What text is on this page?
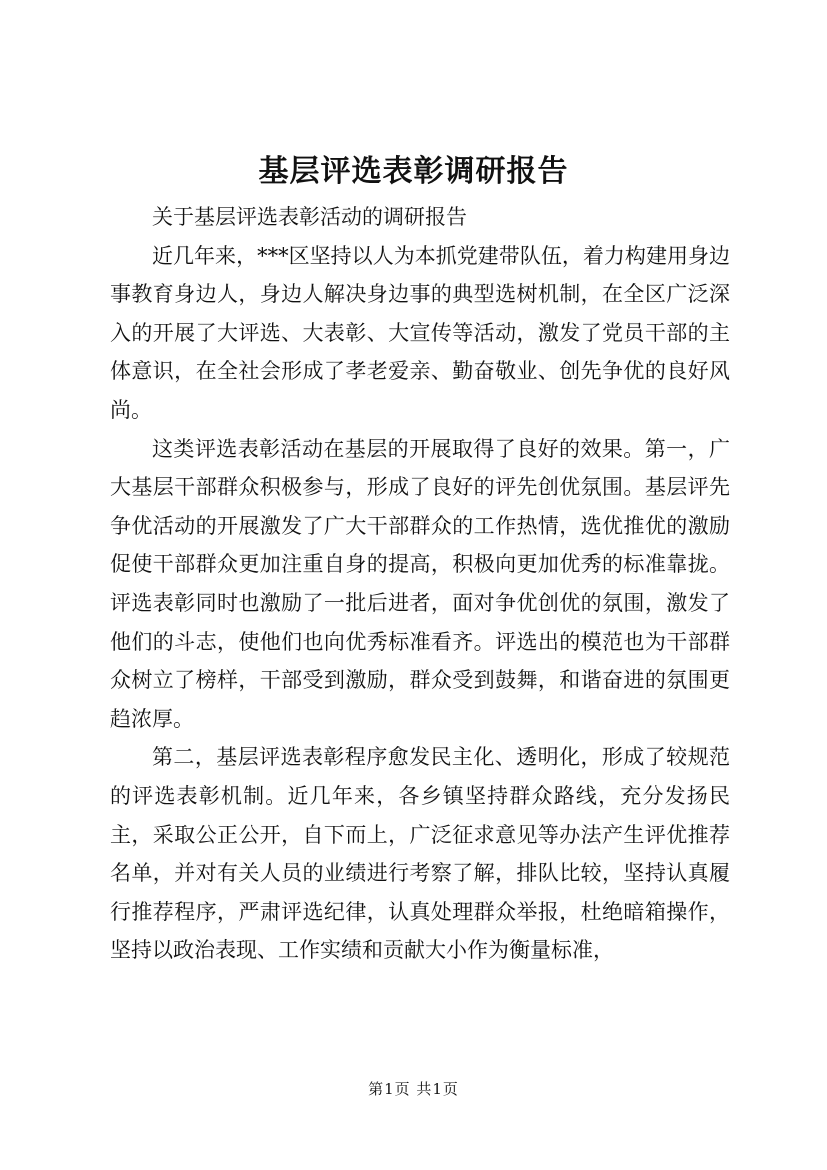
基层评选表彰调研报告

关于基层评选表彰活动的调研报告

近几年来，***区坚持以人为本抓党建带队伍，着力构建用身边事教育身边人，身边人解决身边事的典型选树机制，在全区广泛深入的开展了大评选、大表彰、大宣传等活动，激发了党员干部的主体意识，在全社会形成了孝老爱亲、勤奋敬业、创先争优的良好风尚。

这类评选表彰活动在基层的开展取得了良好的效果。第一，广大基层干部群众积极参与，形成了良好的评先创优氛围。基层评先争优活动的开展激发了广大干部群众的工作热情，选优推优的激励促使干部群众更加注重自身的提高，积极向更加优秀的标准靠拢。评选表彰同时也激励了一批后进者，面对争优创优的氛围，激发了他们的斗志，使他们也向优秀标准看齐。评选出的模范也为干部群众树立了榜样，干部受到激励，群众受到鼓舞，和谐奋进的氛围更趋浓厚。

第二，基层评选表彰程序愈发民主化、透明化，形成了较规范的评选表彰机制。近几年来，各乡镇坚持群众路线，充分发扬民主，采取公正公开，自下而上，广泛征求意见等办法产生评优推荐名单，并对有关人员的业绩进行考察了解，排队比较，坚持认真履行推荐程序，严肃评选纪律，认真处理群众举报，杜绝暗箱操作，坚持以政治表现、工作实绩和贡献大小作为衡量标准，

第1页 共1页
